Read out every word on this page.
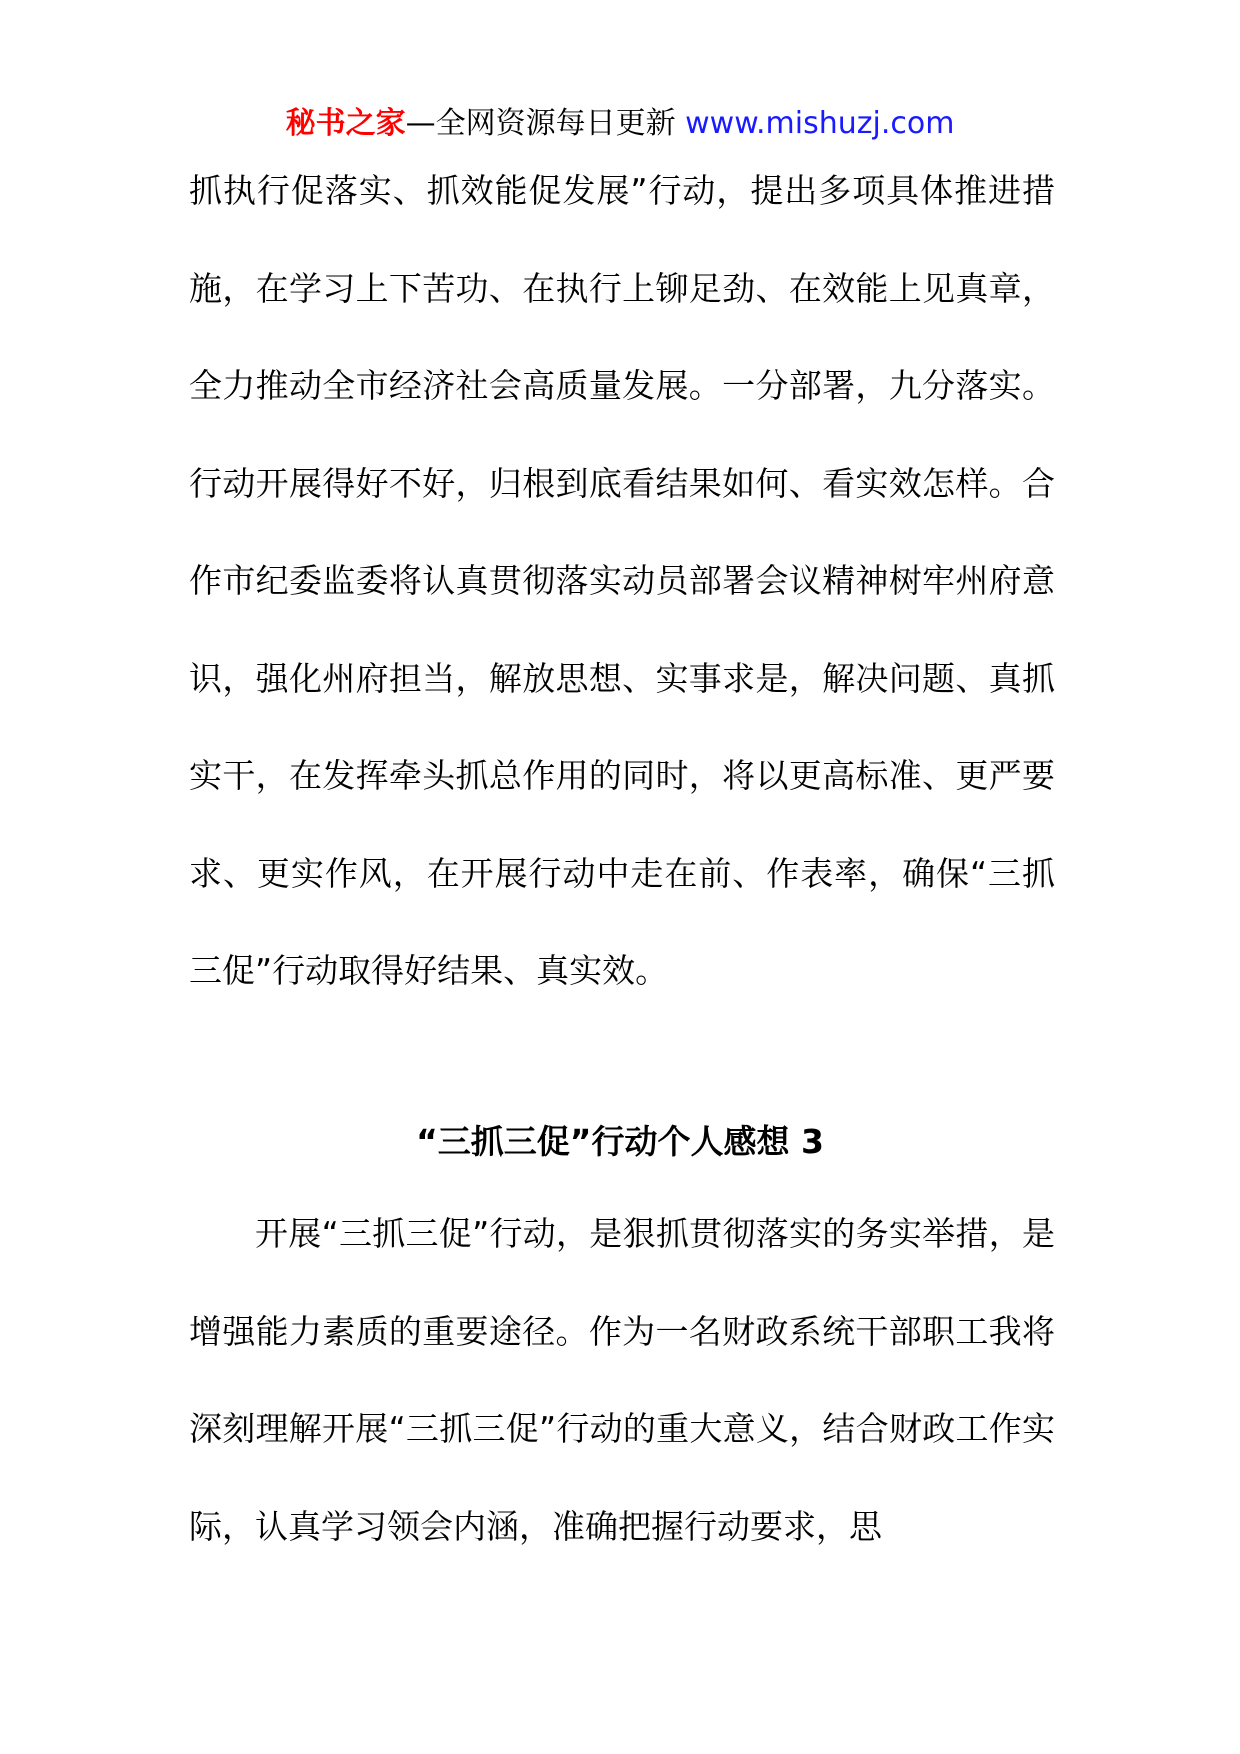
秘书之家—全网资源每日更新 www.mishuzj.com

抓执行促落实、抓效能促发展”行动，提出多项具体推进措施，在学习上下苦功、在执行上铆足劲、在效能上见真章，全力推动全市经济社会高质量发展。一分部署，九分落实。行动开展得好不好，归根到底看结果如何、看实效怎样。合作市纪委监委将认真贯彻落实动员部署会议精神树牢州府意识，强化州府担当，解放思想、实事求是，解决问题、真抓实干，在发挥牵头抓总作用的同时，将以更高标准、更严要求、更实作风，在开展行动中走在前、作表率，确保“三抓三促”行动取得好结果、真实效。

“三抓三促”行动个人感想 3

开展“三抓三促”行动，是狠抓贯彻落实的务实举措，是增强能力素质的重要途径。作为一名财政系统干部职工我将深刻理解开展“三抓三促”行动的重大意义，结合财政工作实际，认真学习领会内涵，准确把握行动要求，思
